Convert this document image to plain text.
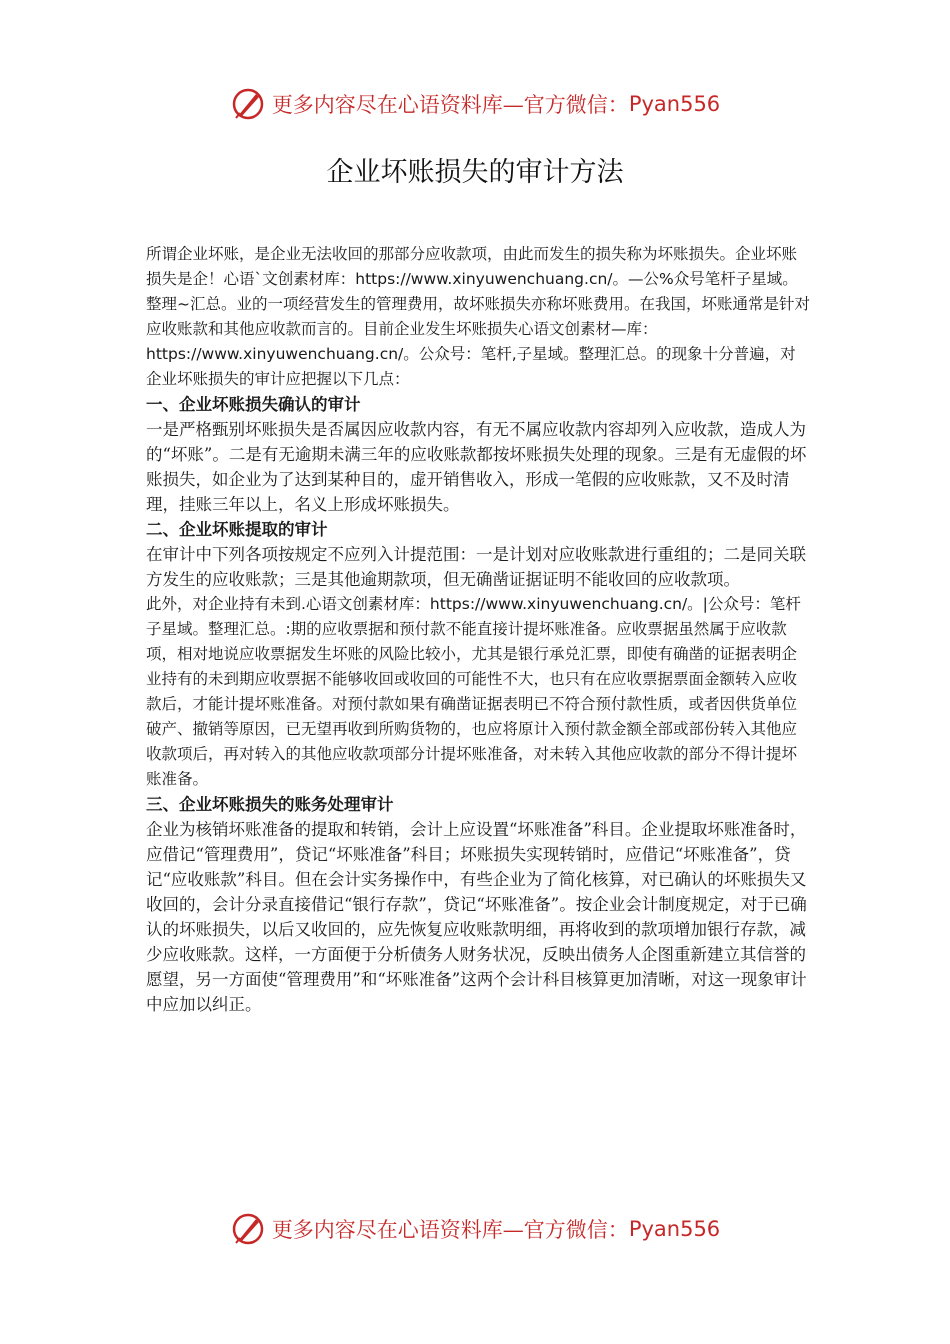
更多内容尽在心语资料库—官方微信： Pyan556
企业坏账损失的审计方法

所谓企业坏账，是企业无法收回的那部分应收款项，由此而发生的损失称为坏账损失。企业坏账损失是企！心语`文创素材库：https://www.xinyuwenchuang.cn/。—公%众号笔杆子星域。整理~汇总。业的一项经营发生的管理费用，故坏账损失亦称坏账费用。在我国，坏账通常是针对应收账款和其他应收款而言的。目前企业发生坏账损失心语文创素材—库：https://www.xinyuwenchuang.cn/。公众号：笔杆,子星域。整理汇总。的现象十分普遍，对企业坏账损失的审计应把握以下几点：

一、企业坏账损失确认的审计

一是严格甄别坏账损失是否属因应收款内容，有无不属应收款内容却列入应收款，造成人为的“坏账”。二是有无逾期未满三年的应收账款都按坏账损失处理的现象。三是有无虚假的坏账损失，如企业为了达到某种目的，虚开销售收入，形成一笔假的应收账款，又不及时清理，挂账三年以上，名义上形成坏账损失。

二、企业坏账提取的审计

在审计中下列各项按规定不应列入计提范围：一是计划对应收账款进行重组的；二是同关联方发生的应收账款；三是其他逾期款项，但无确凿证据证明不能收回的应收款项。

此外，对企业持有未到.心语文创素材库：https://www.xinyuwenchuang.cn/。|公众号：笔杆子星域。整理汇总。:期的应收票据和预付款不能直接计提坏账准备。应收票据虽然属于应收款项，相对地说应收票据发生坏账的风险比较小，尤其是银行承兑汇票，即使有确凿的证据表明企业持有的未到期应收票据不能够收回或收回的可能性不大，也只有在应收票据票面金额转入应收款后，才能计提坏账准备。对预付款如果有确凿证据表明已不符合预付款性质，或者因供货单位破产、撤销等原因，已无望再收到所购货物的，也应将原计入预付款金额全部或部份转入其他应收款项后，再对转入的其他应收款项部分计提坏账准备，对未转入其他应收款的部分不得计提坏账准备。

三、企业坏账损失的账务处理审计

企业为核销坏账准备的提取和转销，会计上应设置“坏账准备”科目。企业提取坏账准备时，应借记“管理费用”，贷记“坏账准备”科目；坏账损失实现转销时，应借记“坏账准备”，贷记“应收账款”科目。但在会计实务操作中，有些企业为了简化核算，对已确认的坏账损失又收回的，会计分录直接借记“银行存款”，贷记“坏账准备”。按企业会计制度规定，对于已确认的坏账损失，以后又收回的，应先恢复应收账款明细，再将收到的款项增加银行存款，减少应收账款。这样，一方面便于分析债务人财务状况，反映出债务人企图重新建立其信誉的愿望，另一方面使“管理费用”和“坏账准备”这两个会计科目核算更加清晰，对这一现象审计中应加以纠正。

更多内容尽在心语资料库—官方微信： Pyan556
